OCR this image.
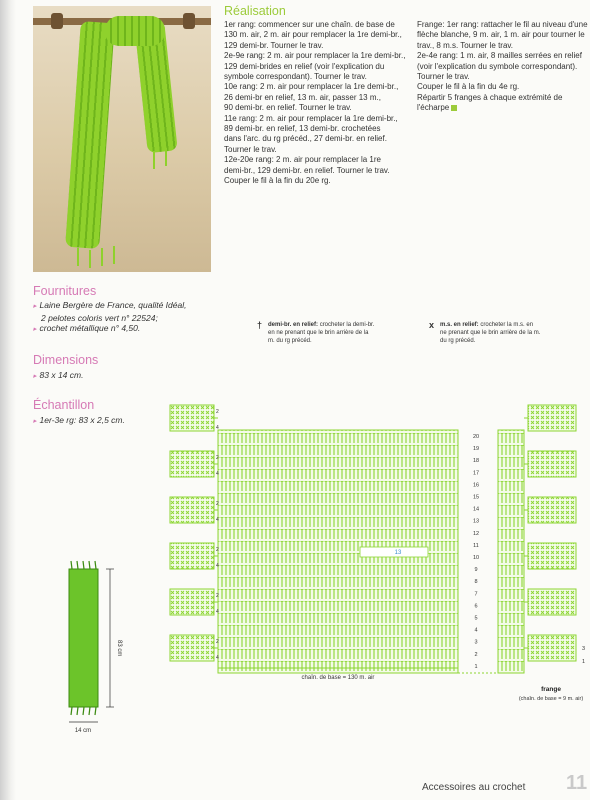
Réalisation
1er rang: commencer sur une chaîn. de base de
130 m. air, 2 m. air pour remplacer la 1re demi-br.,
129 demi-br. Tourner le trav.
2e-9e rang: 2 m. air pour remplacer la 1re demi-br.,
129 demi-brides en relief (voir l'explication du
symbole correspondant). Tourner le trav.
10e rang: 2 m. air pour remplacer la 1re demi-br.,
26 demi-br en relief, 13 m. air, passer 13 m.,
90 demi-br. en relief. Tourner le trav.
11e rang: 2 m. air pour remplacer la 1re demi-br.,
89 demi-br. en relief, 13 demi-br. crochetées
dans l'arc. du rg précéd., 27 demi-br. en relief.
Tourner le trav.
12e-20e rang: 2 m. air pour remplacer la 1re
demi-br., 129 demi-br. en relief. Tourner le trav.
Couper le fil à la fin du 20e rg.
Frange: 1er rang: rattacher le fil au niveau d'une
flèche blanche, 9 m. air, 1 m. air pour tourner le
trav., 8 m.s. Tourner le trav.
2e-4e rang: 1 m. air, 8 mailles serrées en relief
(voir l'explication du symbole correspondant).
Tourner le trav.
Couper le fil à la fin du 4e rg.
Répartir 5 franges à chaque extrémité de
l'écharpe
Fournitures
▸ Laine Bergère de France, qualité Idéal,
2 pelotes coloris vert n° 22524;
▸ crochet métallique n° 4,50.
Dimensions
▸ 83 x 14 cm.
Échantillon
▸ 1er-3e rg: 83 x 2,5 cm.
† demi-br. en relief: crocheter la demi-br.
en ne prenant que le brin arrière de la
m. du rg précéd.
x m.s. en relief: crocheter la m.s. en
ne prenant que le brin arrière de la m.
du rg précéd.
4
2
4
2
4
2
4
2
4
2
4
2
20
19
18
17
16
15
14
13
12
11
10
9
8
7
6
5
4
3
2
1
chaîn. de base = 130 m. air
13
frange
(chaîn. de base = 9 m. air)
3
1
83 cm
14 cm
Accessoires au crochet 11
